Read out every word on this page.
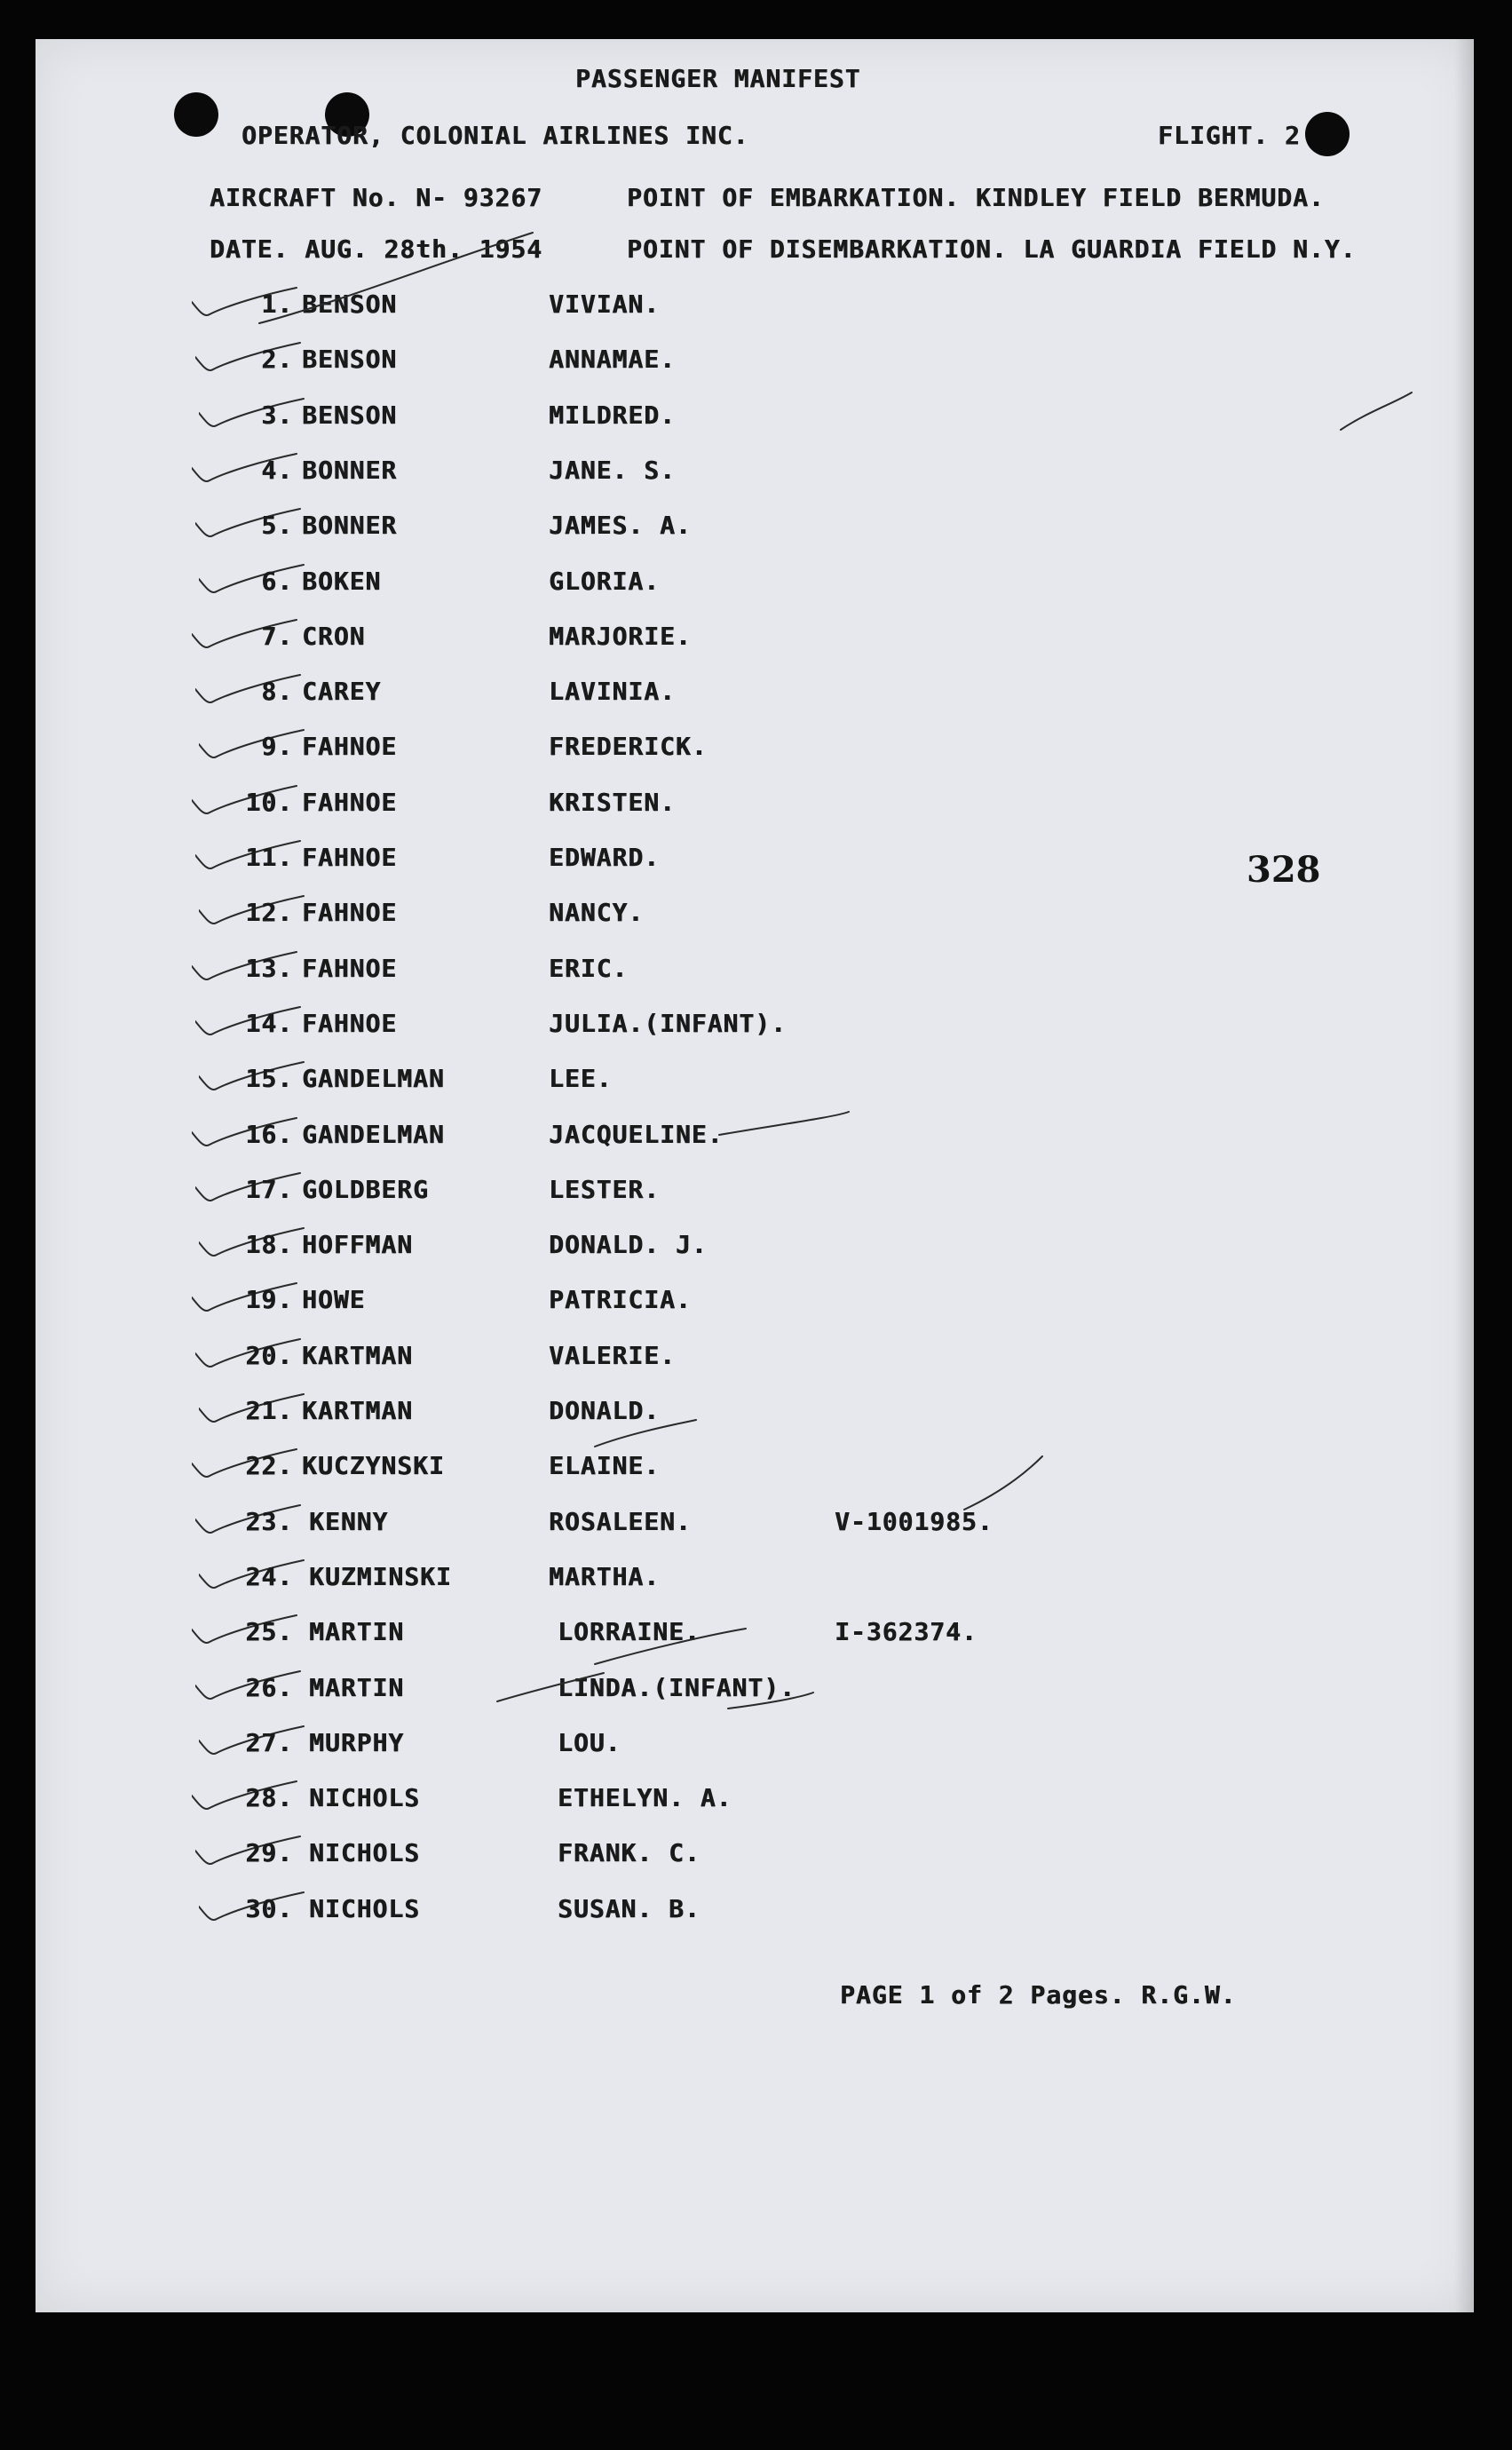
PASSENGER MANIFEST
OPERATOR, COLONIAL AIRLINES INC.	FLIGHT. 2
AIRCRAFT No. N- 93267	POINT OF EMBARKATION. KINDLEY FIELD BERMUDA.
DATE. AUG. 28th. 1954	POINT OF DISEMBARKATION. LA GUARDIA FIELD N.Y.
328
1. BENSON	VIVIAN.
2. BENSON	ANNAMAE.
3. BENSON	MILDRED.
4. BONNER	JANE. S.
5. BONNER	JAMES. A.
6. BOKEN	GLORIA.
7. CRON	MARJORIE.
8. CAREY	LAVINIA.
9. FAHNOE	FREDERICK.
10. FAHNOE	KRISTEN.
11. FAHNOE	EDWARD.
12. FAHNOE	NANCY.
13. FAHNOE	ERIC.
14. FAHNOE	JULIA.(INFANT).
15. GANDELMAN	LEE.
16. GANDELMAN	JACQUELINE.
17. GOLDBERG	LESTER.
18. HOFFMAN	DONALD. J.
19. HOWE	PATRICIA.
20. KARTMAN	VALERIE.
21. KARTMAN	DONALD.
22. KUCZYNSKI	ELAINE.
23. KENNY	ROSALEEN.	V-1001985.
24. KUZMINSKI	MARTHA.
25. MARTIN	LORRAINE.	I-362374.
26. MARTIN	LINDA.(INFANT).
27. MURPHY	LOU.
28. NICHOLS	ETHELYN. A.
29. NICHOLS	FRANK. C.
30. NICHOLS	SUSAN. B.
PAGE 1 of 2 Pages. R.G.W.
